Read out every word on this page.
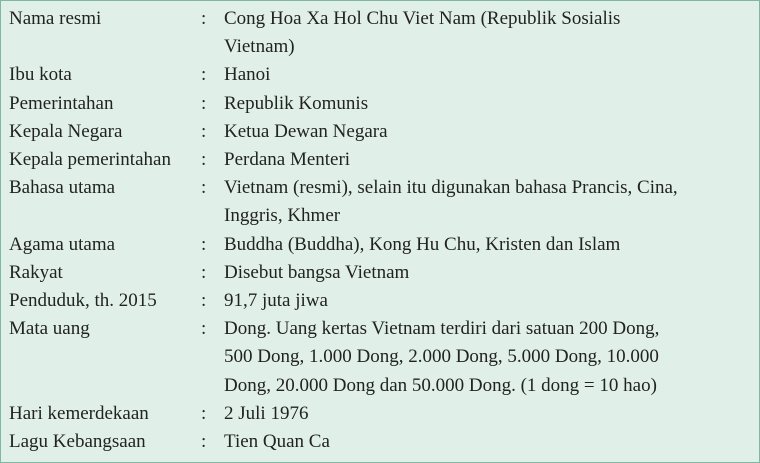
Nama resmi	: Cong Hoa Xa Hol Chu Viet Nam (Republik Sosialis
Vietnam)
Ibu kota	: Hanoi
Pemerintahan	: Republik Komunis
Kepala Negara	: Ketua Dewan Negara
Kepala pemerintahan	: Perdana Menteri
Bahasa utama	: Vietnam (resmi), selain itu digunakan bahasa Prancis, Cina,
Inggris, Khmer
Agama utama	: Buddha (Buddha), Kong Hu Chu, Kristen dan Islam
Rakyat	: Disebut bangsa Vietnam
Penduduk, th. 2015	: 91,7 juta jiwa
Mata uang	: Dong. Uang kertas Vietnam terdiri dari satuan 200 Dong,
500 Dong, 1.000 Dong, 2.000 Dong, 5.000 Dong, 10.000
Dong, 20.000 Dong dan 50.000 Dong. (1 dong = 10 hao)
Hari kemerdekaan	: 2 Juli 1976
Lagu Kebangsaan	: Tien Quan Ca
